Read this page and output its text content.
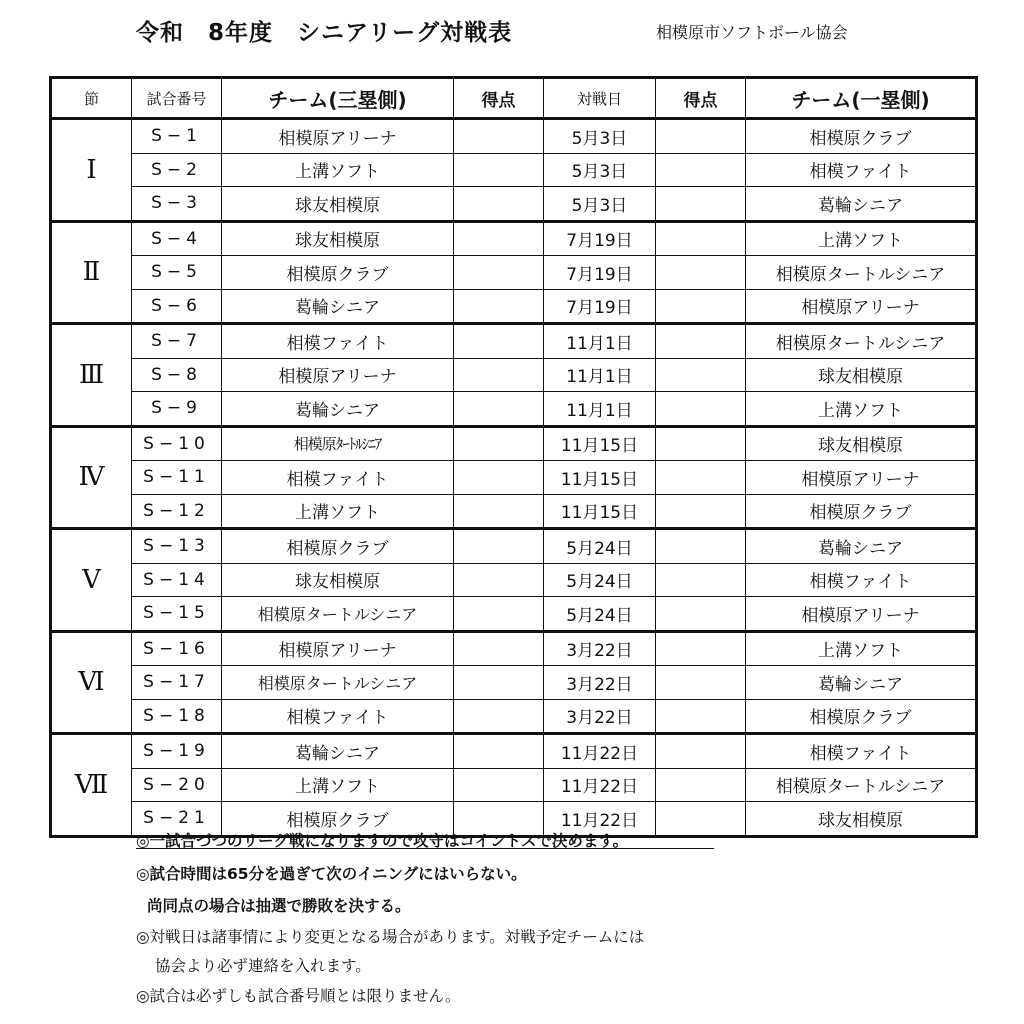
令和　8年度　シニアリーグ対戦表	相模原市ソフトボール協会
節	試合番号	チーム(三塁側)	得点	対戦日	得点	チーム(一塁側)
Ⅰ	S−1	相模原アリーナ		5月3日		相模原クラブ
	S−2	上溝ソフト		5月3日		相模ファイト
	S−3	球友相模原		5月3日		葛輪シニア
Ⅱ	S−4	球友相模原		7月19日		上溝ソフト
	S−5	相模原クラブ		7月19日		相模原タートルシニア
	S−6	葛輪シニア		7月19日		相模原アリーナ
Ⅲ	S−7	相模ファイト		11月1日		相模原タートルシニア
	S−8	相模原アリーナ		11月1日		球友相模原
	S−9	葛輪シニア		11月1日		上溝ソフト
Ⅳ	S−10	相模原ﾀｰﾄﾙｼﾆｱ		11月15日		球友相模原
	S−11	相模ファイト		11月15日		相模原アリーナ
	S−12	上溝ソフト		11月15日		相模原クラブ
Ⅴ	S−13	相模原クラブ		5月24日		葛輪シニア
	S−14	球友相模原		5月24日		相模ファイト
	S−15	相模原タートルシニア		5月24日		相模原アリーナ
Ⅵ	S−16	相模原アリーナ		3月22日		上溝ソフト
	S−17	相模原タートルシニア		3月22日		葛輪シニア
	S−18	相模ファイト		3月22日		相模原クラブ
Ⅶ	S−19	葛輪シニア		11月22日		相模ファイト
	S−20	上溝ソフト		11月22日		相模原タートルシニア
	S−21	相模原クラブ		11月22日		球友相模原
◎一試合づつのリーグ戦になりますので攻守はコイントスで決めます。
◎試合時間は65分を過ぎて次のイニングにはいらない。
尚同点の場合は抽選で勝敗を決する。
◎対戦日は諸事情により変更となる場合があります。対戦予定チームには
協会より必ず連絡を入れます。
◎試合は必ずしも試合番号順とは限りません。
